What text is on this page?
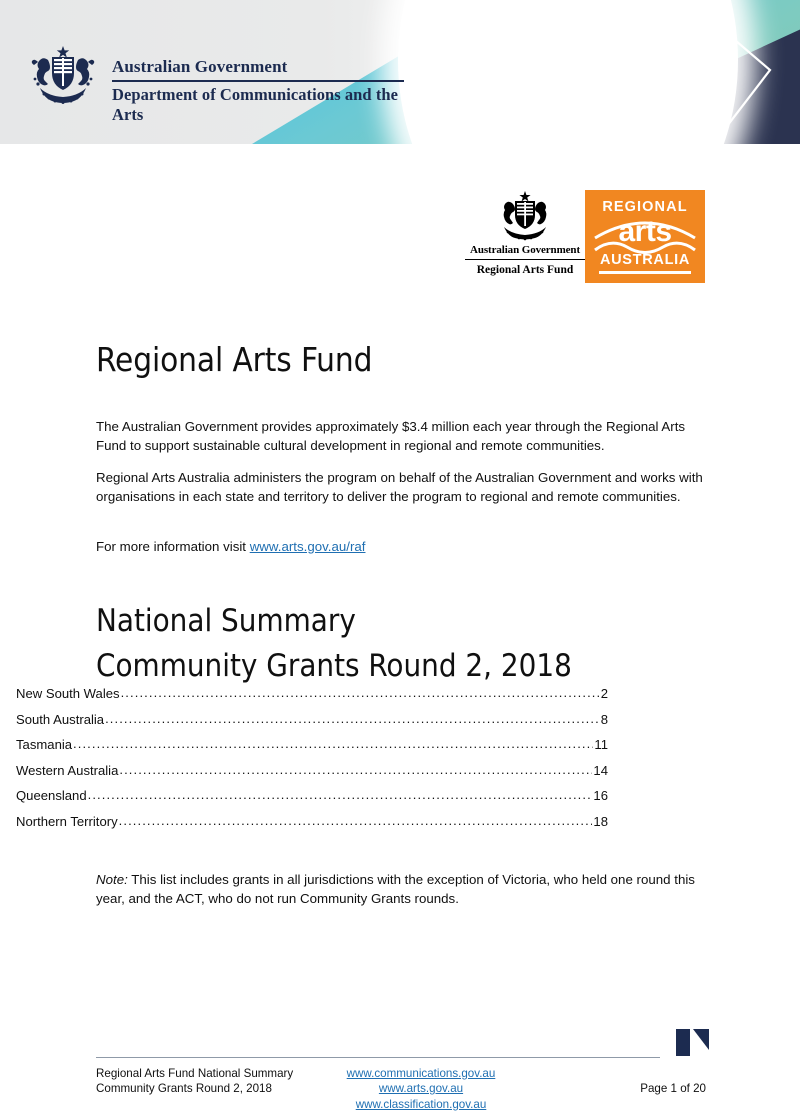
Australian Government
Department of Communications and the Arts
Australian Government
Regional Arts Fund
REGIONAL
arts
AUSTRALIA
Regional Arts Fund
The Australian Government provides approximately $3.4 million each year through the Regional Arts Fund to support sustainable cultural development in regional and remote communities.
Regional Arts Australia administers the program on behalf of the Australian Government and works with organisations in each state and territory to deliver the program to regional and remote communities.
For more information visit www.arts.gov.au/raf
National Summary
Community Grants Round 2, 2018
New South Wales .....	2
South Australia .....	8
Tasmania .....	11
Western Australia .....	14
Queensland .....	16
Northern Territory .....	18
Note: This list includes grants in all jurisdictions with the exception of Victoria, who held one round this year, and the ACT, who do not run Community Grants rounds.
Regional Arts Fund National Summary
Community Grants Round 2, 2018
www.communications.gov.au
www.arts.gov.au
www.classification.gov.au
Page 1 of 20
